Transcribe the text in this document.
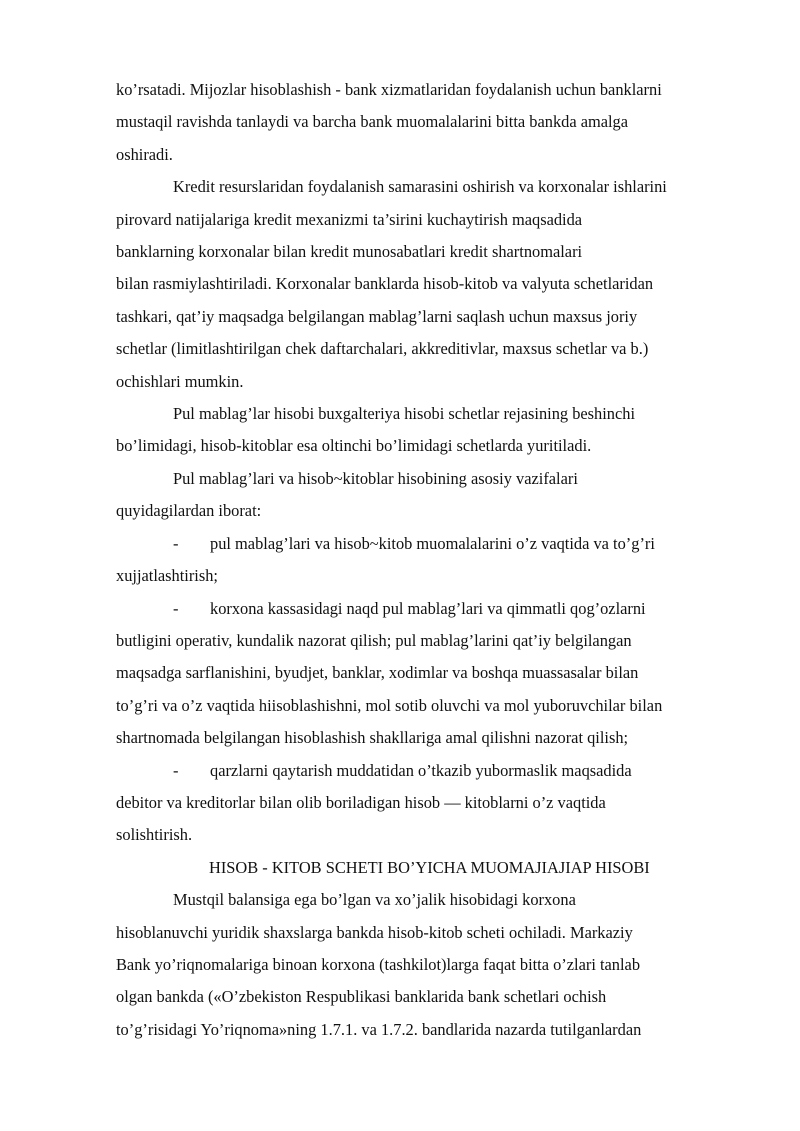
ko’rsatadi. Mijozlar hisoblashish - bank xizmatlaridan foydalanish uchun banklarni
mustaqil ravishda tanlaydi va barcha bank muomalalarini bitta bankda amalga
oshiradi.
Kredit resurslaridan foydalanish samarasini oshirish va korxonalar ishlarini
pirovard natijalariga kredit mexanizmi ta’sirini kuchaytirish maqsadida
banklarning korxonalar bilan kredit munosabatlari kredit shartnomalari
bilan rasmiylashtiriladi. Korxonalar banklarda hisob-kitob va valyuta schetlaridan
tashkari, qat’iy maqsadga belgilangan mablag’larni saqlash uchun maxsus joriy
schetlar (limitlashtirilgan chek daftarchalari, akkreditivlar, maxsus schetlar va b.)
ochishlari mumkin.
Pul mablag’lar hisobi buxgalteriya hisobi schetlar rejasining beshinchi
bo’limidagi, hisob-kitoblar esa oltinchi bo’limidagi schetlarda yuritiladi.
Pul mablag’lari va hisob~kitoblar hisobining asosiy vazifalari
quyidagilardan iborat:
- pul mablag’lari va hisob~kitob muomalalarini o’z vaqtida va to’g’ri
xujjatlashtirish;
- korxona kassasidagi naqd pul mablag’lari va qimmatli qog’ozlarni
butligini operativ, kundalik nazorat qilish; pul mablag’larini qat’iy belgilangan
maqsadga sarflanishini, byudjet, banklar, xodimlar va boshqa muassasalar bilan
to’g’ri va o’z vaqtida hiisoblashishni, mol sotib oluvchi va mol yuboruvchilar bilan
shartnomada belgilangan hisoblashish shakllariga amal qilishni nazorat qilish;
- qarzlarni qaytarish muddatidan o’tkazib yubormaslik maqsadida
debitor va kreditorlar bilan olib boriladigan hisob — kitoblarni o’z vaqtida
solishtirish.
HISOB - KITOB SCHETI BO’YICHA MUOMAJIAJIAP HISOBI
Mustqil balansiga ega bo’lgan va xo’jalik hisobidagi korxona
hisoblanuvchi yuridik shaxslarga bankda hisob-kitob scheti ochiladi. Markaziy
Bank yo’riqnomalariga binoan korxona (tashkilot)larga faqat bitta o’zlari tanlab
olgan bankda («O’zbekiston Respublikasi banklarida bank schetlari ochish
to’g’risidagi Yo’riqnoma»ning 1.7.1. va 1.7.2. bandlarida nazarda tutilganlardan
